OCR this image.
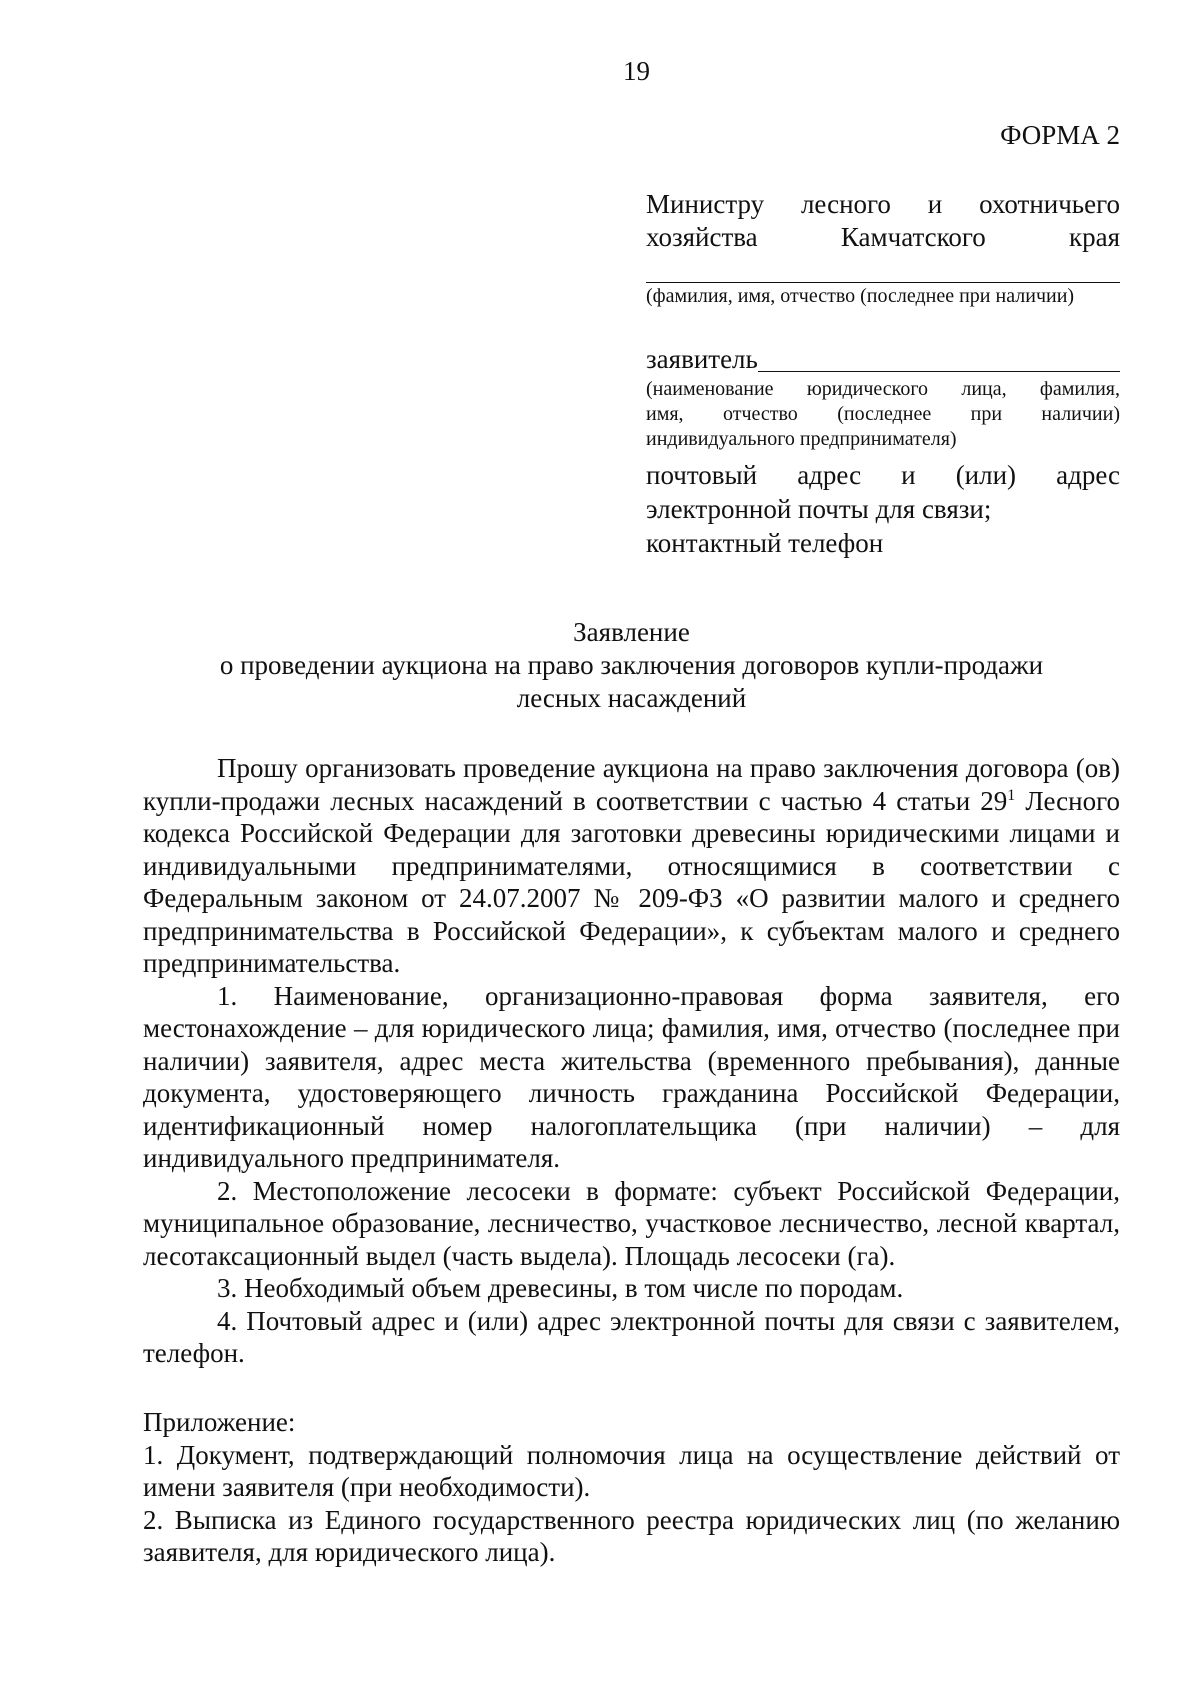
19
ФОРМА 2
Министру лесного и охотничьего
хозяйства Камчатского края
(фамилия, имя, отчество (последнее при наличии)
заявитель
(наименование юридического лица, фамилия,
имя, отчество (последнее при наличии)
индивидуального предпринимателя)
почтовый адрес и (или) адрес
электронной почты для связи;
контактный телефон
Заявление
о проведении аукциона на право заключения договоров купли-продажи
лесных насаждений

Прошу организовать проведение аукциона на право заключения договора (ов) купли-продажи лесных насаждений в соответствии с частью 4 статьи $29^1$ Лесного кодекса Российской Федерации для заготовки древесины юридическими лицами и индивидуальными предпринимателями, относящимися в соответствии с Федеральным законом от 24.07.2007 № 209-ФЗ «О развитии малого и среднего предпринимательства в Российской Федерации», к субъектам малого и среднего предпринимательства.

1. Наименование, организационно-правовая форма заявителя, его местонахождение – для юридического лица; фамилия, имя, отчество (последнее при наличии) заявителя, адрес места жительства (временного пребывания), данные документа, удостоверяющего личность гражданина Российской Федерации, идентификационный номер налогоплательщика (при наличии) – для индивидуального предпринимателя.

2. Местоположение лесосеки в формате: субъект Российской Федерации, муниципальное образование, лесничество, участковое лесничество, лесной квартал, лесотаксационный выдел (часть выдела). Площадь лесосеки (га).

3. Необходимый объем древесины, в том числе по породам.

4. Почтовый адрес и (или) адрес электронной почты для связи с заявителем, телефон.

Приложение:

1. Документ, подтверждающий полномочия лица на осуществление действий от имени заявителя (при необходимости).

2. Выписка из Единого государственного реестра юридических лиц (по желанию заявителя, для юридического лица).
